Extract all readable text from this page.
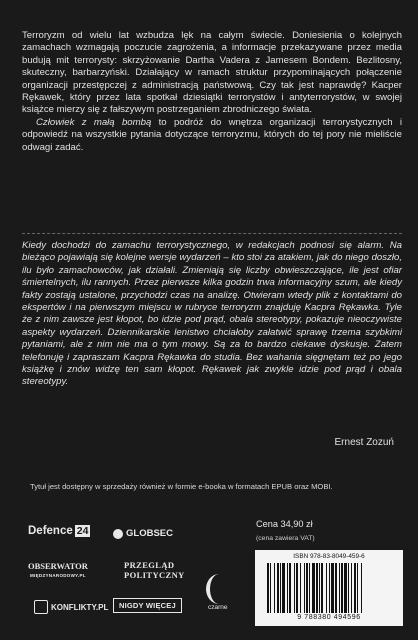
Terroryzm od wielu lat wzbudza lęk na całym świecie. Doniesienia o kolejnych zamachach wzmagają poczucie zagrożenia, a informacje przekazywane przez media budują mit terrorysty: skrzyżowanie Dartha Vadera z Jamesem Bondem. Bezlitosny, skuteczny, barbarzyński. Działający w ramach struktur przypominających połączenie organizacji przestępczej z administracją państwową. Czy tak jest naprawdę? Kacper Rękawek, który przez lata spotkał dziesiątki terrorystów i antyterrorystów, w swojej książce mierzy się z fałszywym postrzeganiem zbrodniczego świata.

Człowiek z małą bombą to podróż do wnętrza organizacji terrorystycznych i odpowiedź na wszystkie pytania dotyczące terroryzmu, których do tej pory nie mieliście odwagi zadać.

Kiedy dochodzi do zamachu terrorystycznego, w redakcjach podnosi się alarm. Na bieżąco pojawiają się kolejne wersje wydarzeń – kto stoi za atakiem, jak do niego doszło, ilu było zamachowców, jak działali. Zmieniają się liczby obwieszczające, ile jest ofiar śmiertelnych, ilu rannych. Przez pierwsze kilka godzin trwa informacyjny szum, ale kiedy fakty zostają ustalone, przychodzi czas na analizę. Otwieram wtedy plik z kontaktami do ekspertów i na pierwszym miejscu w rubryce terroryzm znajduję Kacpra Rękawka. Tyle że z nim zawsze jest kłopot, bo idzie pod prąd, obala stereotypy, pokazuje nieoczywiste aspekty wydarzeń. Dziennikarskie lenistwo chciałoby załatwić sprawę trzema szybkimi pytaniami, ale z nim nie ma o tym mowy. Są za to bardzo ciekawe dyskusje. Zatem telefonuję i zapraszam Kacpra Rękawka do studia. Bez wahania sięgnętam też po jego książkę i znów widzę ten sam kłopot. Rękawek jak zwykle idzie pod prąd i obala stereotypy.

Ernest Zozuń
Tytuł jest dostępny w sprzedaży również w formie e-booka w formatach EPUB oraz MOBI.
Defence 24	GLOBSEC
OBSERWATOR
MIĘDZYNARODOWY.PL
PRZEGLĄD
POLITYCZNY
KONFLIKTY.PL	NIGDY WIĘCEJ	czarne
Cena 34,90 zł
(cena zawiera VAT)
ISBN 978-83-8049-459-6
9 788380 494596
